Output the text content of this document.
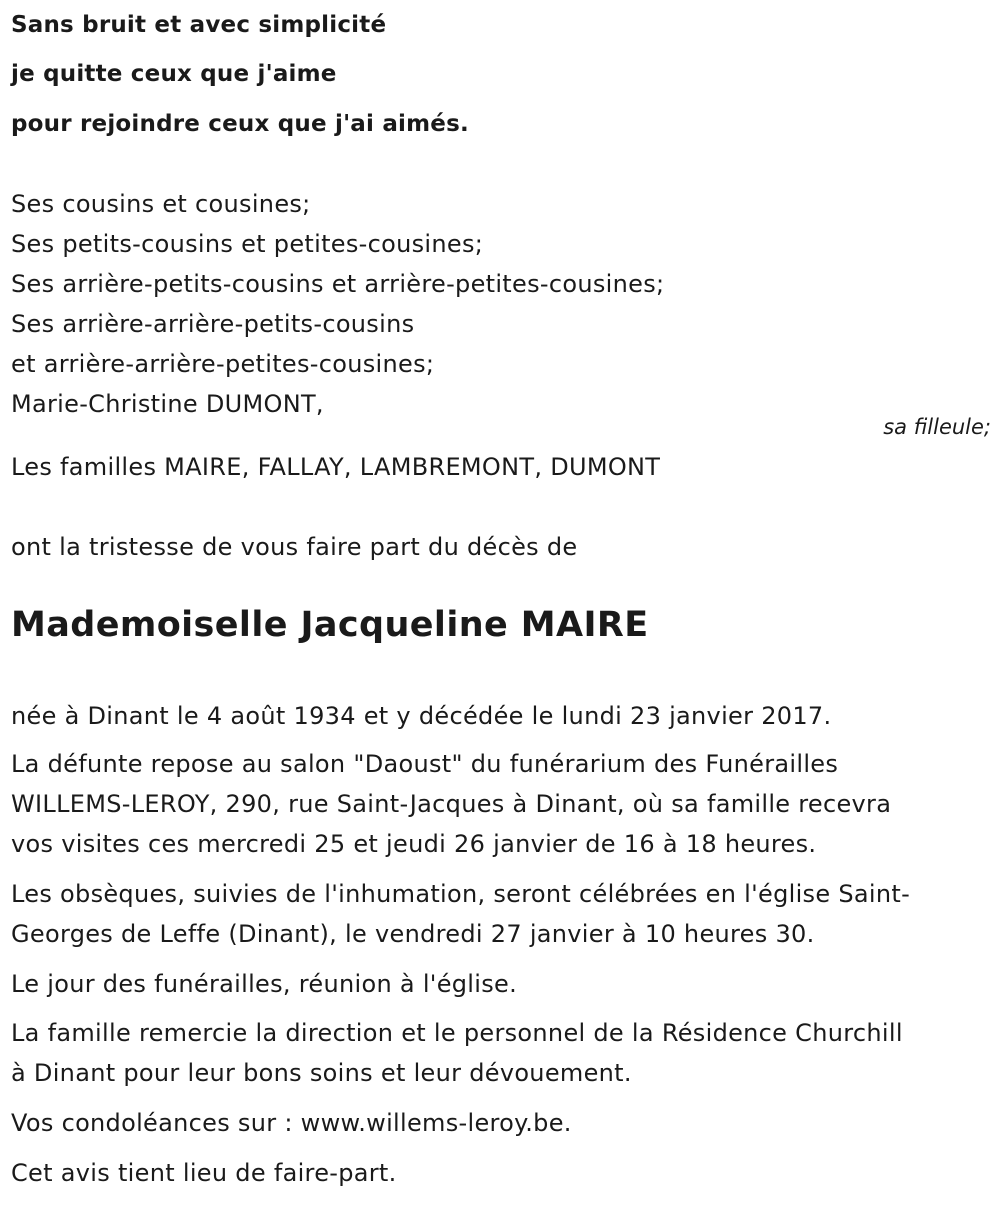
Sans bruit et avec simplicité
je quitte ceux que j'aime
pour rejoindre ceux que j'ai aimés.
Ses cousins et cousines;
Ses petits-cousins et petites-cousines;
Ses arrière-petits-cousins et arrière-petites-cousines;
Ses arrière-arrière-petits-cousins
et arrière-arrière-petites-cousines;
Marie-Christine DUMONT,
sa filleule;
Les familles MAIRE, FALLAY, LAMBREMONT, DUMONT
ont la tristesse de vous faire part du décès de
Mademoiselle Jacqueline MAIRE
née à Dinant le 4 août 1934 et y décédée le lundi 23 janvier 2017.
La défunte repose au salon "Daoust" du funérarium des Funérailles
WILLEMS-LEROY, 290, rue Saint-Jacques à Dinant, où sa famille recevra
vos visites ces mercredi 25 et jeudi 26 janvier de 16 à 18 heures.
Les obsèques, suivies de l'inhumation, seront célébrées en l'église Saint-
Georges de Leffe (Dinant), le vendredi 27 janvier à 10 heures 30.
Le jour des funérailles, réunion à l'église.
La famille remercie la direction et le personnel de la Résidence Churchill
à Dinant pour leur bons soins et leur dévouement.
Vos condoléances sur : www.willems-leroy.be.
Cet avis tient lieu de faire-part.
